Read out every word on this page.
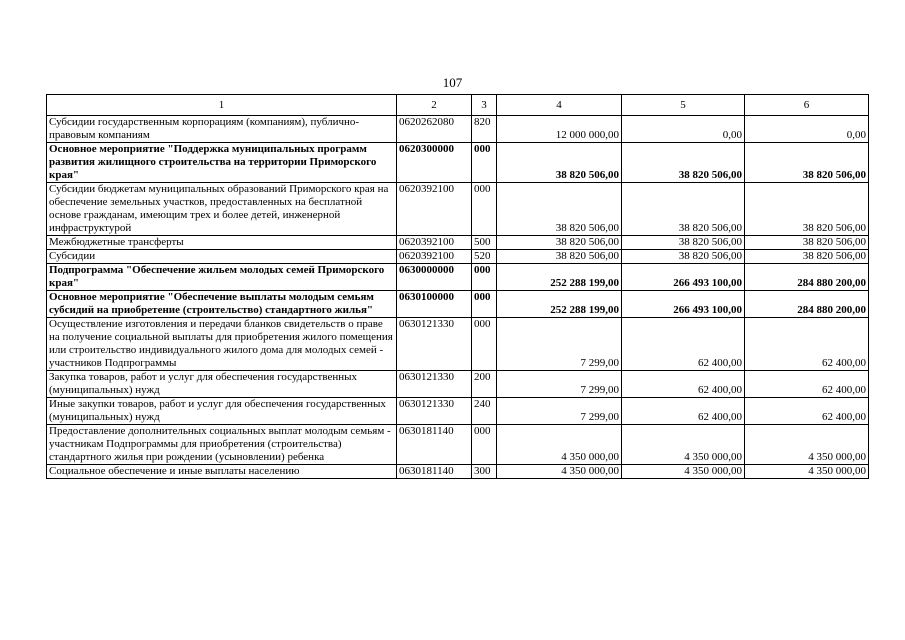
107
1	2	3	4	5	6
Субсидии государственным корпорациям (компаниям), публично-правовым компаниям	0620262080	820	12 000 000,00	0,00	0,00
Основное мероприятие "Поддержка муниципальных программ развития жилищного строительства на территории Приморского края"	0620300000	000	38 820 506,00	38 820 506,00	38 820 506,00
Субсидии бюджетам муниципальных образований Приморского края на обеспечение земельных участков, предоставленных на бесплатной основе гражданам, имеющим трех и более детей, инженерной инфраструктурой	0620392100	000	38 820 506,00	38 820 506,00	38 820 506,00
Межбюджетные трансферты	0620392100	500	38 820 506,00	38 820 506,00	38 820 506,00
Субсидии	0620392100	520	38 820 506,00	38 820 506,00	38 820 506,00
Подпрограмма "Обеспечение жильем молодых семей Приморского края"	0630000000	000	252 288 199,00	266 493 100,00	284 880 200,00
Основное мероприятие "Обеспечение выплаты молодым семьям субсидий на приобретение (строительство) стандартного жилья"	0630100000	000	252 288 199,00	266 493 100,00	284 880 200,00
Осуществление изготовления и передачи бланков свидетельств о праве на получение социальной выплаты для приобретения жилого помещения или строительство индивидуального жилого дома для молодых семей - участников Подпрограммы	0630121330	000	7 299,00	62 400,00	62 400,00
Закупка товаров, работ и услуг для обеспечения государственных (муниципальных) нужд	0630121330	200	7 299,00	62 400,00	62 400,00
Иные закупки товаров, работ и услуг для обеспечения государственных (муниципальных) нужд	0630121330	240	7 299,00	62 400,00	62 400,00
Предоставление дополнительных социальных выплат молодым семьям - участникам Подпрограммы для приобретения (строительства) стандартного жилья при рождении (усыновлении) ребенка	0630181140	000	4 350 000,00	4 350 000,00	4 350 000,00
Социальное обеспечение и иные выплаты населению	0630181140	300	4 350 000,00	4 350 000,00	4 350 000,00
